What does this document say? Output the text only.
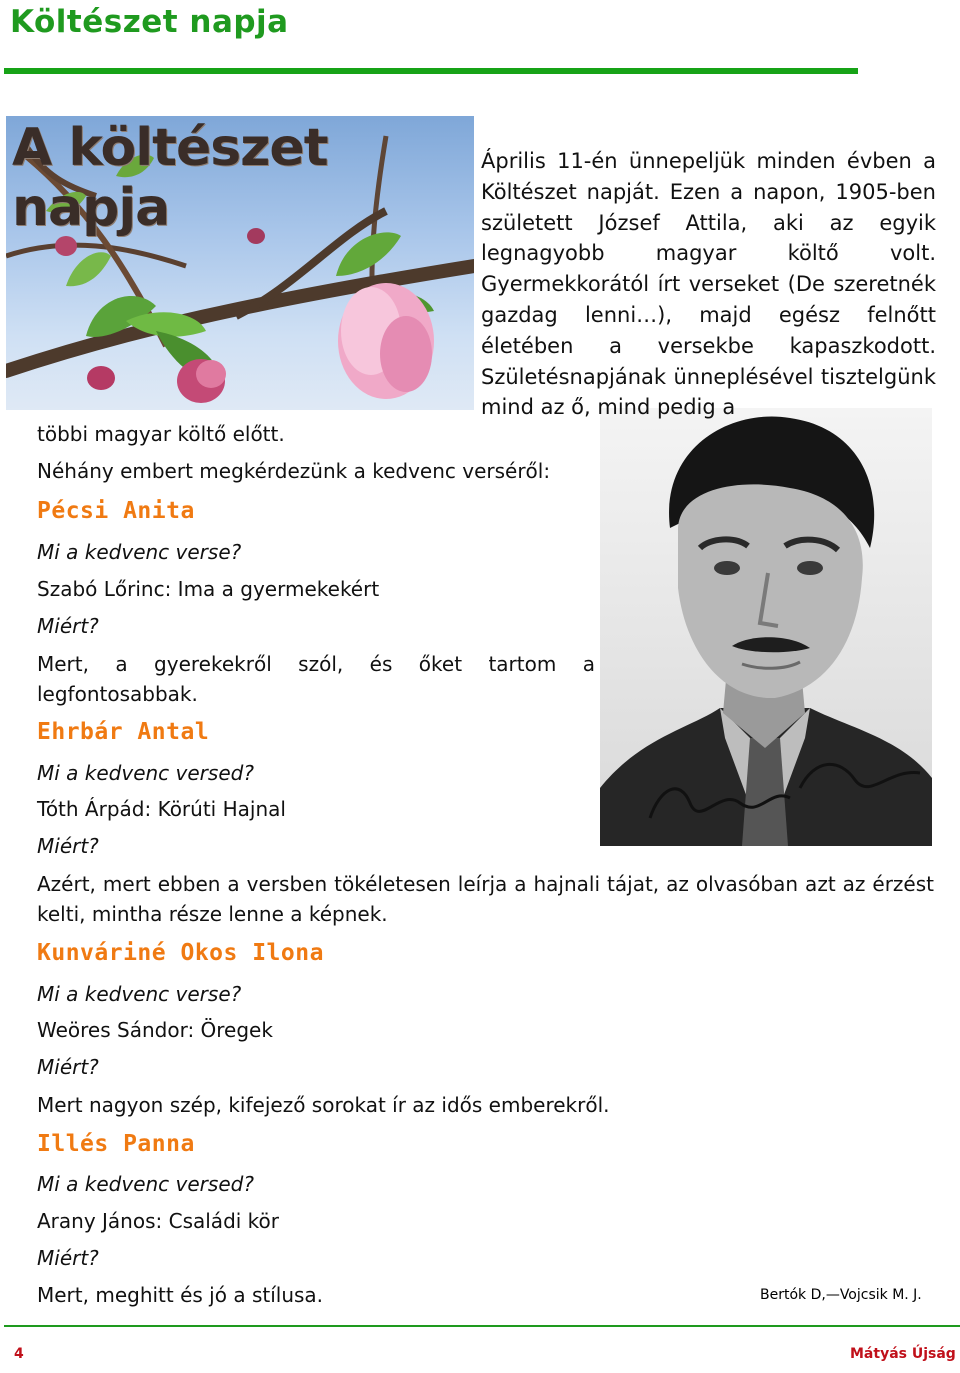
Költészet napja
A költészet napja
Április 11-én ünnepeljük minden évben a Költészet napját. Ezen a napon, 1905-ben született József Attila, aki az egyik legnagyobb magyar költő volt. Gyermekkorától írt verseket (De szeretnék gazdag lenni…), majd egész felnőtt életében a versekbe kapaszkodott. Születésnapjának ünneplésével tisztelgünk mind az ő, mind pedig a
többi magyar költő előtt.
Néhány embert megkérdezünk a kedvenc verséről:
Pécsi Anita
Mi a kedvenc verse?
Szabó Lőrinc: Ima a gyermekekért
Miért?
Mert, a gyerekekről szól, és őket tartom a legfontosabbak.
Ehrbár Antal
Mi a kedvenc versed?
Tóth Árpád: Körúti Hajnal
Miért?
Azért, mert ebben a versben tökéletesen leírja a hajnali tájat, az olvasóban azt az érzést kelti, mintha része lenne a képnek.
Kunváriné Okos Ilona
Mi a kedvenc verse?
Weöres Sándor: Öregek
Miért?
Mert nagyon szép, kifejező sorokat ír az idős emberekről.
Illés Panna
Mi a kedvenc versed?
Arany János: Családi kör
Miért?
Mert, meghitt és jó a stílusa.	Bertók D,—Vojcsik M. J.
4	Mátyás Újság
